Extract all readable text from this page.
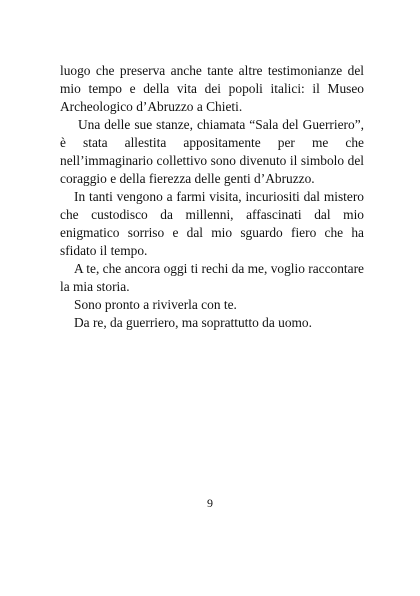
luogo che preserva anche tante altre testimonianze del mio tempo e della vita dei popoli italici: il Museo Archeologico d’Abruzzo a Chieti.

Una delle sue stanze, chiamata “Sala del Guerriero”, è stata allestita appositamente per me che nell’immaginario collettivo sono divenuto il simbolo del coraggio e della fierezza delle genti d’Abruzzo.

In tanti vengono a farmi visita, incuriositi dal mistero che custodisco da millenni, affascinati dal mio enigmatico sorriso e dal mio sguardo fiero che ha sfidato il tempo.

A te, che ancora oggi ti rechi da me, voglio raccontare la mia storia.

Sono pronto a riviverla con te.

Da re, da guerriero, ma soprattutto da uomo.

9
